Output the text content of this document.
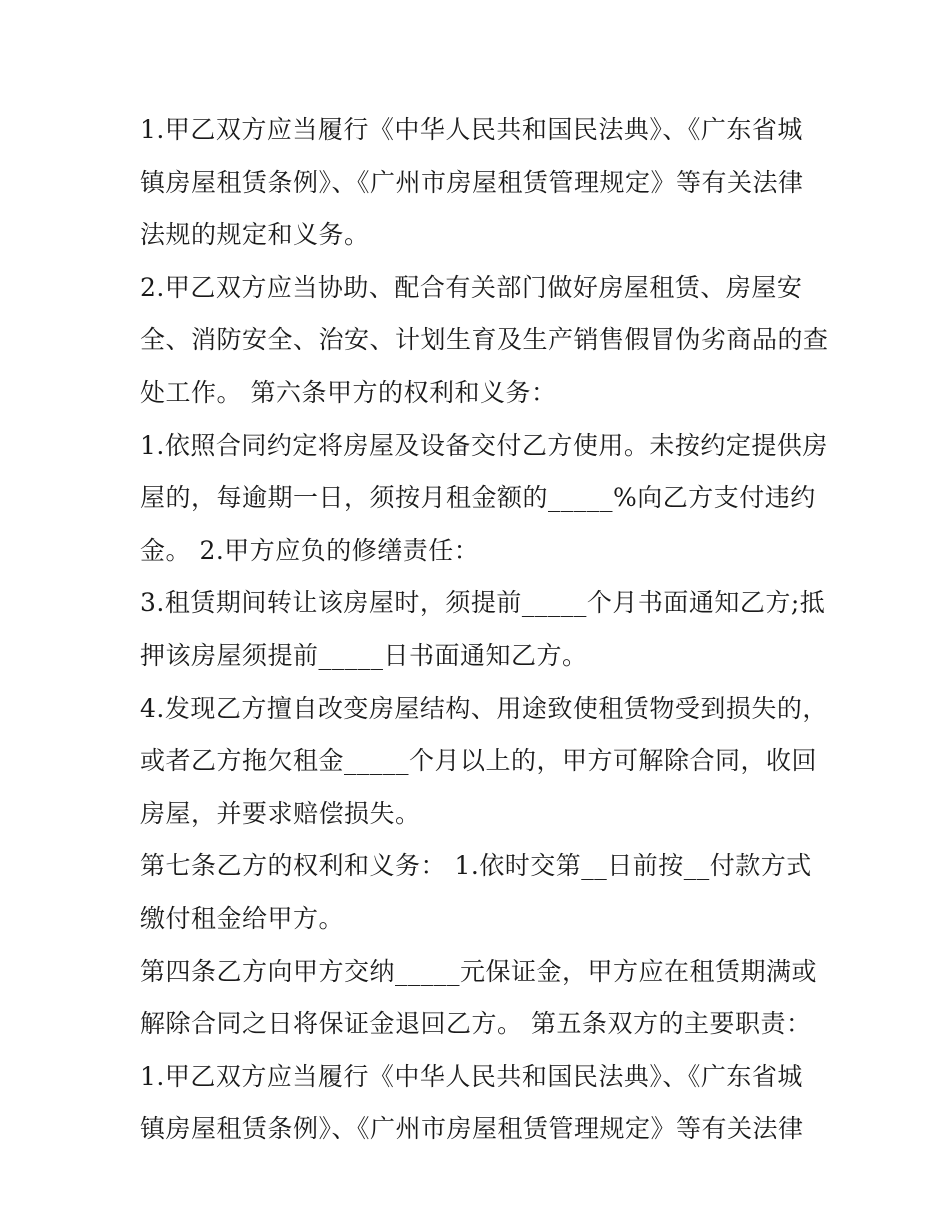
1.甲乙双方应当履行《中华人民共和国民法典》、《广东省城
镇房屋租赁条例》、《广州市房屋租赁管理规定》等有关法律
法规的规定和义务。
2.甲乙双方应当协助、配合有关部门做好房屋租赁、房屋安
全、消防安全、治安、计划生育及生产销售假冒伪劣商品的查
处工作。 第六条甲方的权利和义务：
1.依照合同约定将房屋及设备交付乙方使用。未按约定提供房
屋的，每逾期一日，须按月租金额的_____%向乙方支付违约
金。 2.甲方应负的修缮责任：
3.租赁期间转让该房屋时，须提前_____个月书面通知乙方;抵
押该房屋须提前_____日书面通知乙方。
4.发现乙方擅自改变房屋结构、用途致使租赁物受到损失的，
或者乙方拖欠租金_____个月以上的，甲方可解除合同，收回
房屋，并要求赔偿损失。
第七条乙方的权利和义务： 1.依时交第__日前按__付款方式
缴付租金给甲方。
第四条乙方向甲方交纳_____元保证金，甲方应在租赁期满或
解除合同之日将保证金退回乙方。 第五条双方的主要职责：
1.甲乙双方应当履行《中华人民共和国民法典》、《广东省城
镇房屋租赁条例》、《广州市房屋租赁管理规定》等有关法律
